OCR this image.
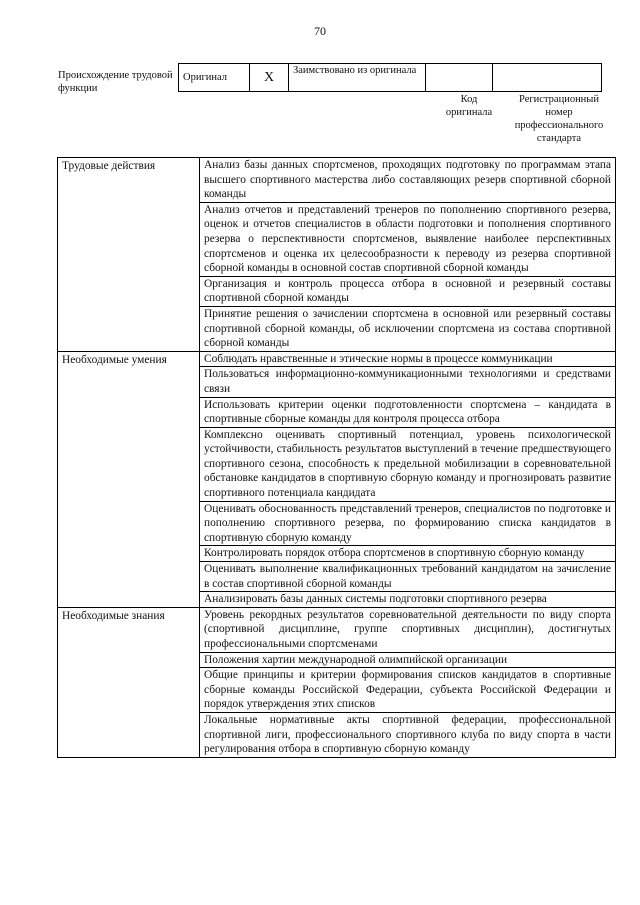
70
Происхождение трудовой функции
Оригинал	X	Заимствовано из оригинала		
Код оригинала
Регистрационный номер профессионального стандарта
Трудовые действия	Анализ базы данных спортсменов, проходящих подготовку по программам этапа высшего спортивного мастерства либо составляющих резерв спортивной сборной команды
	Анализ отчетов и представлений тренеров по пополнению спортивного резерва, оценок и отчетов специалистов в области подготовки и пополнения спортивного резерва о перспективности спортсменов, выявление наиболее перспективных спортсменов и оценка их целесообразности к переводу из резерва спортивной сборной команды в основной состав спортивной сборной команды
	Организация и контроль процесса отбора в основной и резервный составы спортивной сборной команды
	Принятие решения о зачислении спортсмена в основной или резервный составы спортивной сборной команды, об исключении спортсмена из состава спортивной сборной команды
Необходимые умения	Соблюдать нравственные и этические нормы в процессе коммуникации
	Пользоваться информационно-коммуникационными технологиями и средствами связи
	Использовать критерии оценки подготовленности спортсмена – кандидата в спортивные сборные команды для контроля процесса отбора
	Комплексно оценивать спортивный потенциал, уровень психологической устойчивости, стабильность результатов выступлений в течение предшествующего спортивного сезона, способность к предельной мобилизации в соревновательной обстановке кандидатов в спортивную сборную команду и прогнозировать развитие спортивного потенциала кандидата
	Оценивать обоснованность представлений тренеров, специалистов по подготовке и пополнению спортивного резерва, по формированию списка кандидатов в спортивную сборную команду
	Контролировать порядок отбора спортсменов в спортивную сборную команду
	Оценивать выполнение квалификационных требований кандидатом на зачисление в состав спортивной сборной команды
	Анализировать базы данных системы подготовки спортивного резерва
Необходимые знания	Уровень рекордных результатов соревновательной деятельности по виду спорта (спортивной дисциплине, группе спортивных дисциплин), достигнутых профессиональными спортсменами
	Положения хартии международной олимпийской организации
	Общие принципы и критерии формирования списков кандидатов в спортивные сборные команды Российской Федерации, субъекта Российской Федерации и порядок утверждения этих списков
	Локальные нормативные акты спортивной федерации, профессиональной спортивной лиги, профессионального спортивного клуба по виду спорта в части регулирования отбора в спортивную сборную команду
